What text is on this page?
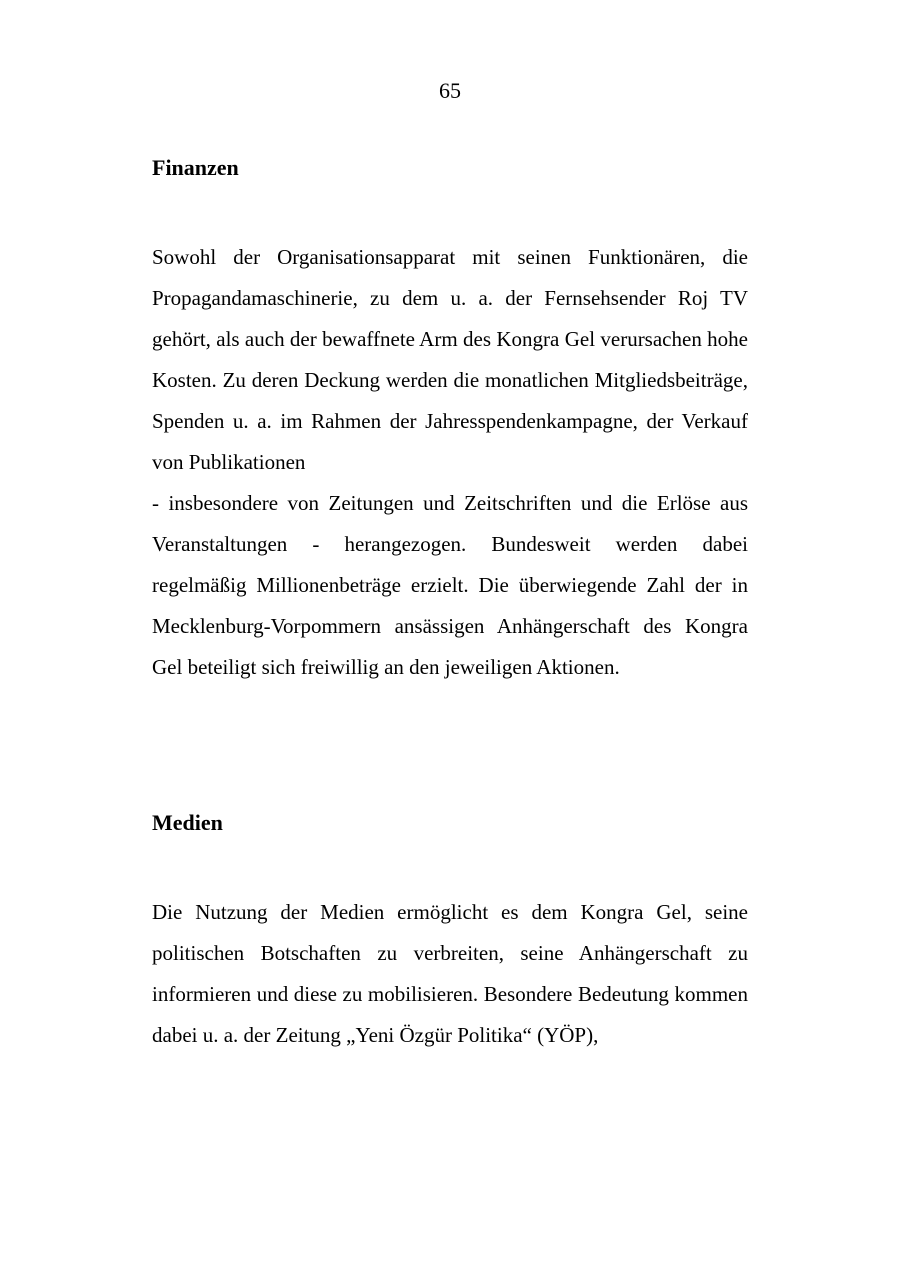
65
Finanzen

Sowohl der Organisationsapparat mit seinen Funktionären, die Propagandamaschinerie, zu dem u. a. der Fernsehsender Roj TV gehört, als auch der bewaffnete Arm des Kongra Gel verursachen hohe Kosten. Zu deren Deckung werden die monatlichen Mitgliedsbeiträge, Spenden u. a. im Rahmen der Jahresspendenkampagne, der Verkauf von Publikationen

- insbesondere von Zeitungen und Zeitschriften und die Erlöse aus Veranstaltungen - herangezogen. Bundesweit werden dabei regelmäßig Millionenbeträge erzielt. Die überwiegende Zahl der in Mecklenburg-Vorpommern ansässigen Anhängerschaft des Kongra Gel beteiligt sich freiwillig an den jeweiligen Aktionen.

Medien

Die Nutzung der Medien ermöglicht es dem Kongra Gel, seine politischen Botschaften zu verbreiten, seine Anhängerschaft zu informieren und diese zu mobilisieren. Besondere Bedeutung kommen dabei u. a. der Zeitung „Yeni Özgür Politika“ (YÖP),
